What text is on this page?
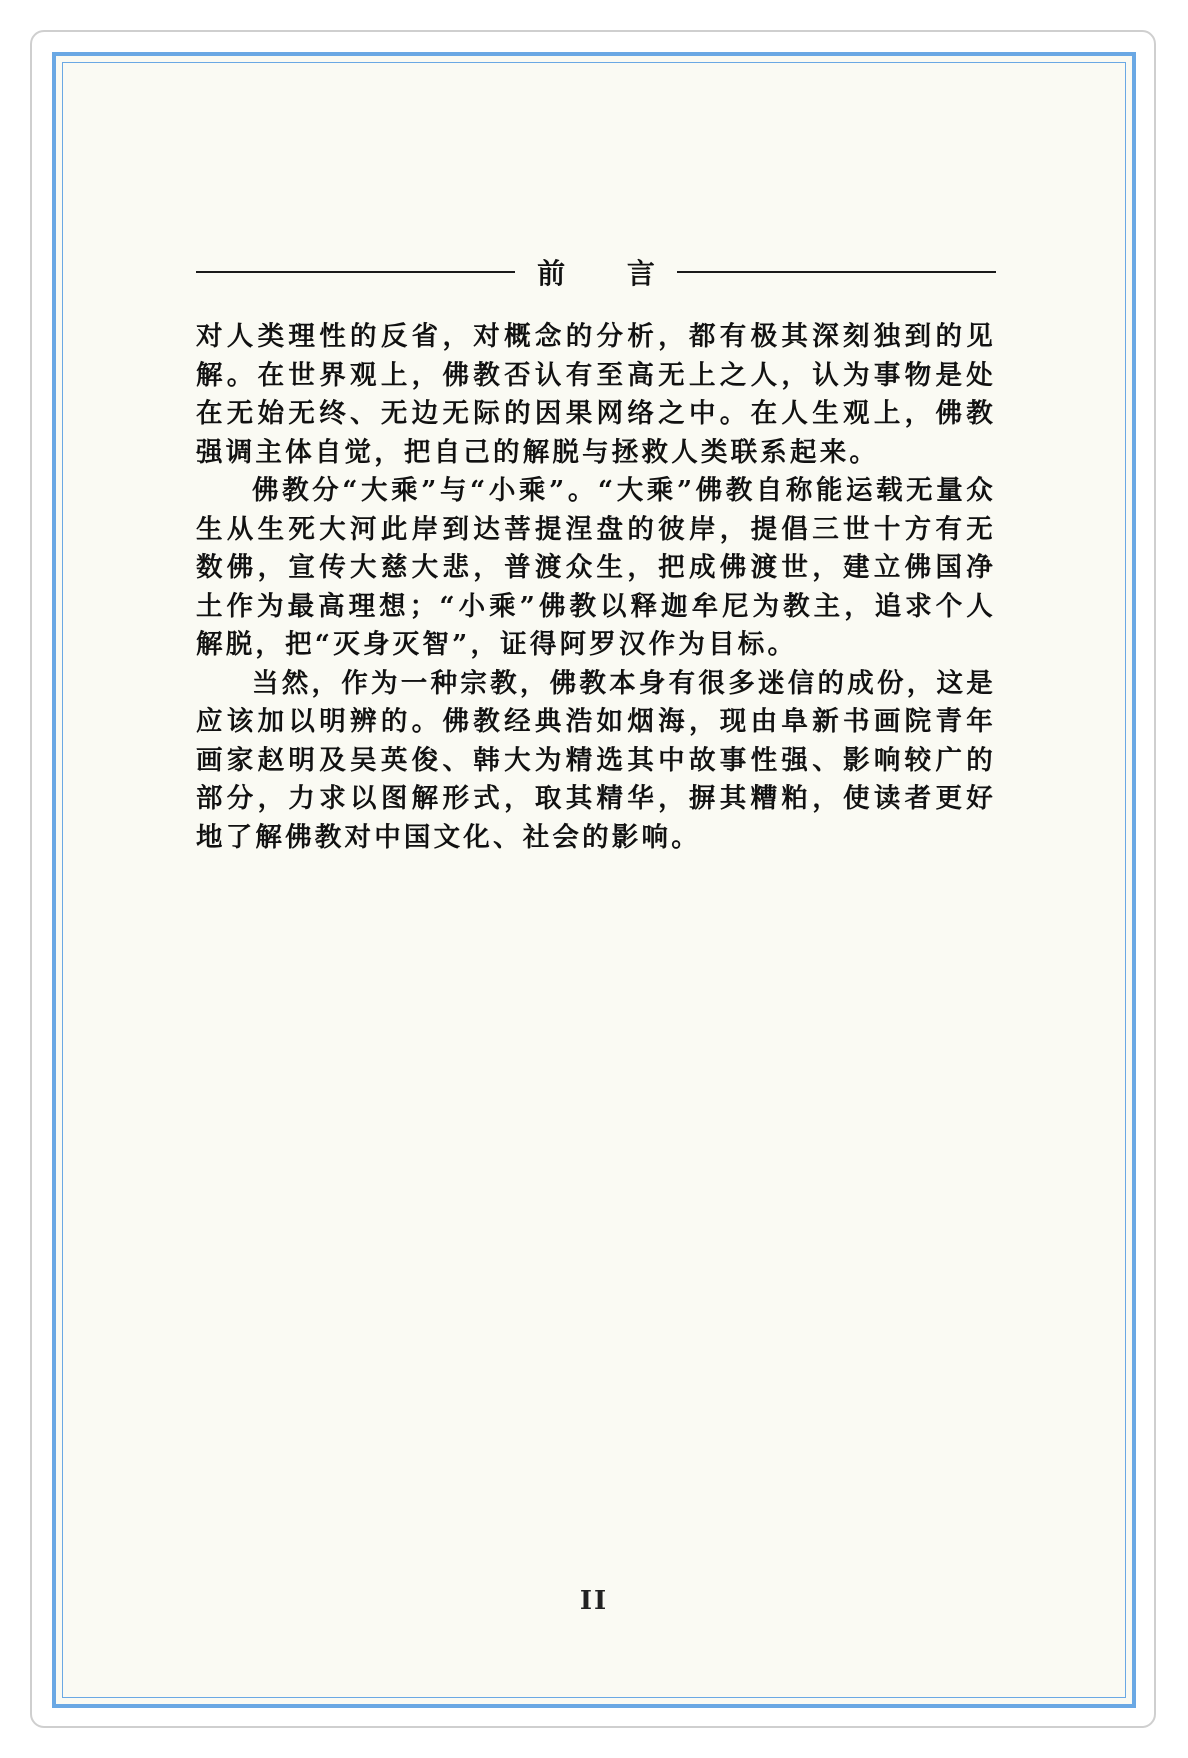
前 言

对人类理性的反省，对概念的分析，都有极其深刻独到的见解。在世界观上，佛教否认有至高无上之人，认为事物是处在无始无终、无边无际的因果网络之中。在人生观上，佛教强调主体自觉，把自己的解脱与拯救人类联系起来。

佛教分“大乘”与“小乘”。“大乘”佛教自称能运载无量众生从生死大河此岸到达菩提涅盘的彼岸，提倡三世十方有无数佛，宣传大慈大悲，普渡众生，把成佛渡世，建立佛国净土作为最高理想；“小乘”佛教以释迦牟尼为教主，追求个人解脱，把“灭身灭智”，证得阿罗汉作为目标。

当然，作为一种宗教，佛教本身有很多迷信的成份，这是应该加以明辨的。佛教经典浩如烟海，现由阜新书画院青年画家赵明及吴英俊、韩大为精选其中故事性强、影响较广的部分，力求以图解形式，取其精华，摒其糟粕，使读者更好地了解佛教对中国文化、社会的影响。

II
